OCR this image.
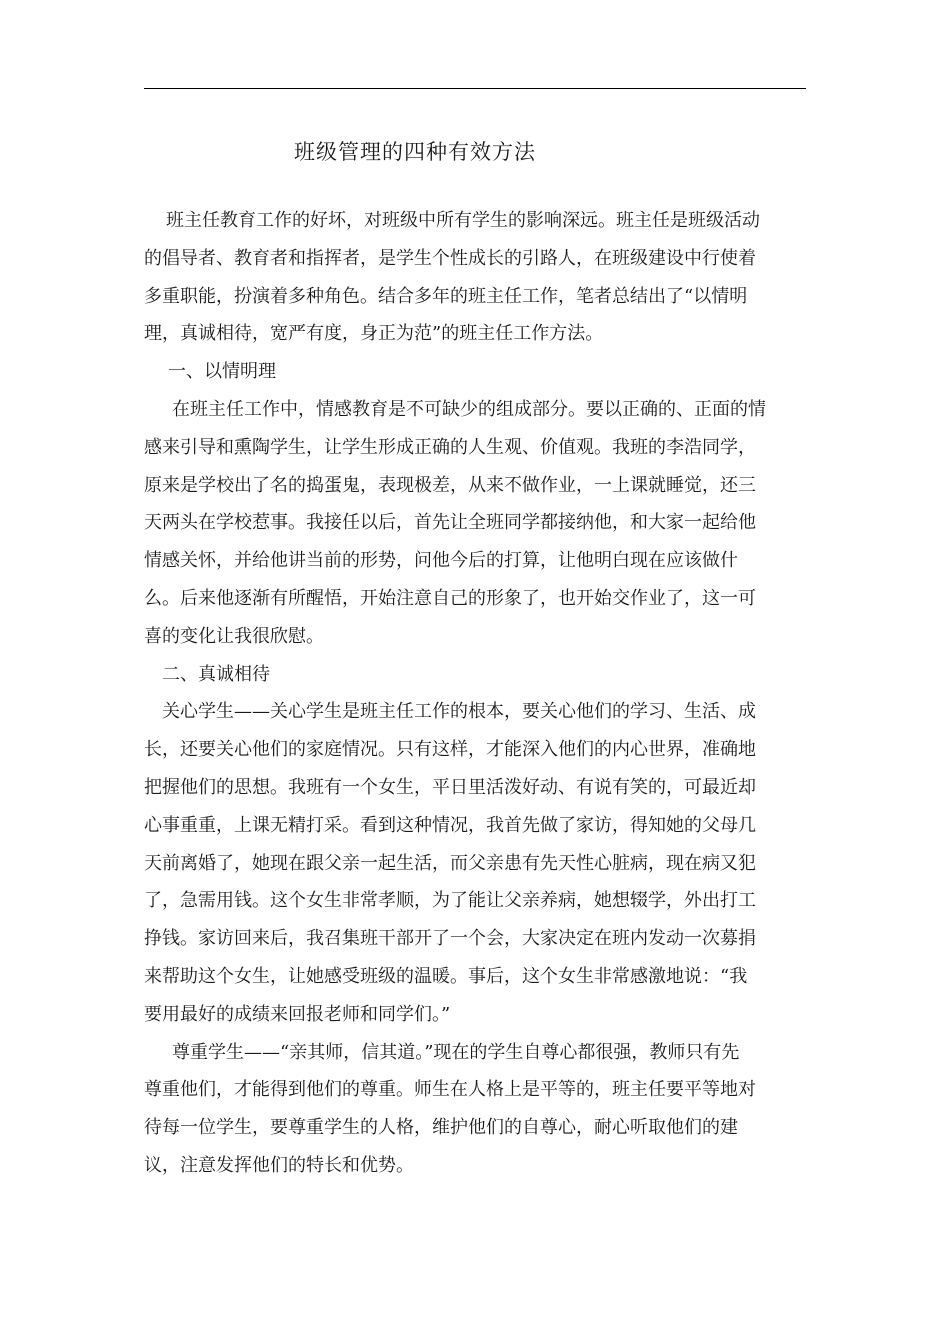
班级管理的四种有效方法
班主任教育工作的好坏，对班级中所有学生的影响深远。班主任是班级活动
的倡导者、教育者和指挥者，是学生个性成长的引路人，在班级建设中行使着
多重职能，扮演着多种角色。结合多年的班主任工作，笔者总结出了“以情明
理，真诚相待，宽严有度，身正为范”的班主任工作方法。
一、以情明理
在班主任工作中，情感教育是不可缺少的组成部分。要以正确的、正面的情
感来引导和熏陶学生，让学生形成正确的人生观、价值观。我班的李浩同学，
原来是学校出了名的捣蛋鬼，表现极差，从来不做作业，一上课就睡觉，还三
天两头在学校惹事。我接任以后，首先让全班同学都接纳他，和大家一起给他
情感关怀，并给他讲当前的形势，问他今后的打算，让他明白现在应该做什
么。后来他逐渐有所醒悟，开始注意自己的形象了，也开始交作业了，这一可
喜的变化让我很欣慰。
二、真诚相待
关心学生——关心学生是班主任工作的根本，要关心他们的学习、生活、成
长，还要关心他们的家庭情况。只有这样，才能深入他们的内心世界，准确地
把握他们的思想。我班有一个女生，平日里活泼好动、有说有笑的，可最近却
心事重重，上课无精打采。看到这种情况，我首先做了家访，得知她的父母几
天前离婚了，她现在跟父亲一起生活，而父亲患有先天性心脏病，现在病又犯
了，急需用钱。这个女生非常孝顺，为了能让父亲养病，她想辍学，外出打工
挣钱。家访回来后，我召集班干部开了一个会，大家决定在班内发动一次募捐
来帮助这个女生，让她感受班级的温暖。事后，这个女生非常感激地说：“我
要用最好的成绩来回报老师和同学们。”
尊重学生——“亲其师，信其道。”现在的学生自尊心都很强，教师只有先
尊重他们，才能得到他们的尊重。师生在人格上是平等的，班主任要平等地对
待每一位学生，要尊重学生的人格，维护他们的自尊心，耐心听取他们的建
议，注意发挥他们的特长和优势。
